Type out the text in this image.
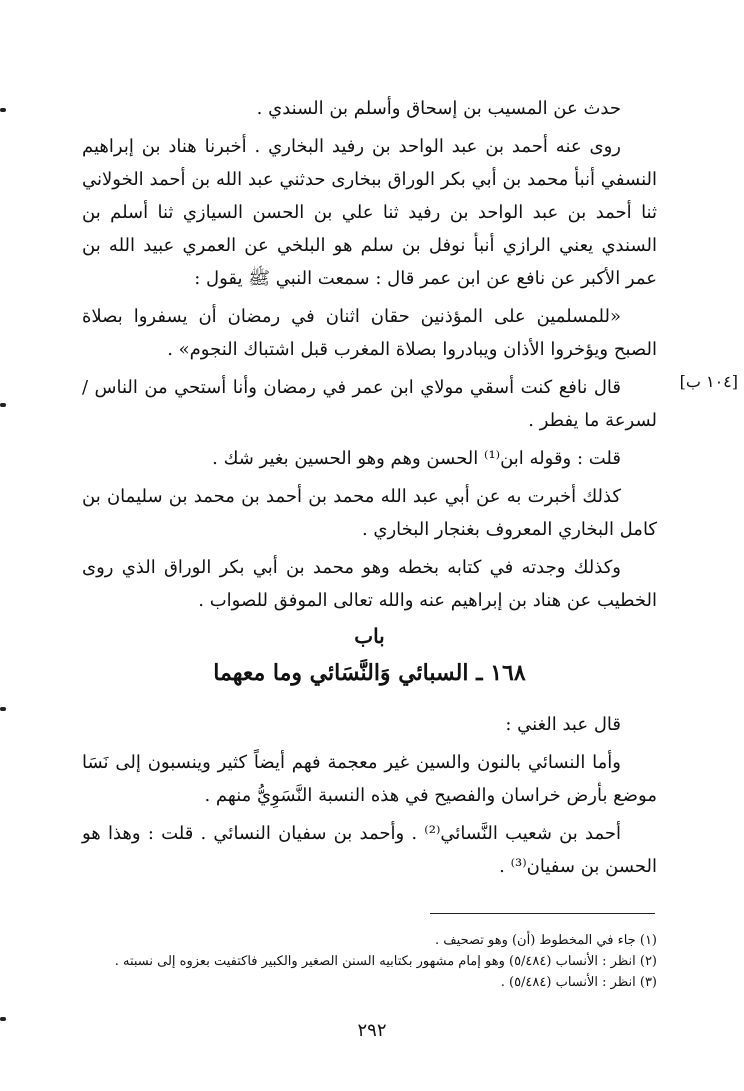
حدث عن المسيب بن إسحاق وأسلم بن السندي .

روى عنه أحمد بن عبد الواحد بن رفيد البخاري . أخبرنا هناد بن إبراهيم النسفي أنبأ محمد بن أبي بكر الوراق ببخارى حدثني عبد الله بن أحمد الخولاني ثنا أحمد بن عبد الواحد بن رفيد ثنا علي بن الحسن السيازي ثنا أسلم بن السندي يعني الرازي أنبأ نوفل بن سلم هو البلخي عن العمري عبيد الله بن عمر الأكبر عن نافع عن ابن عمر قال : سمعت النبي ﷺ يقول :

«للمسلمين على المؤذنين حقان اثنان في رمضان أن يسفروا بصلاة الصبح ويؤخروا الأذان ويبادروا بصلاة المغرب قبل اشتباك النجوم» .

قال نافع كنت أسقي مولاي ابن عمر في رمضان وأنا أستحي من الناس / لسرعة ما يفطر .

قلت : وقوله ابن⁽¹⁾ الحسن وهم وهو الحسين بغير شك .

كذلك أخبرت به عن أبي عبد الله محمد بن أحمد بن محمد بن سليمان بن كامل البخاري المعروف بغنجار البخاري .

وكذلك وجدته في كتابه بخطه وهو محمد بن أبي بكر الوراق الذي روى الخطيب عن هناد بن إبراهيم عنه والله تعالى الموفق للصواب .

[١٠٤ ب]
باب
١٦٨ ـ السبائي وَالنَّسَائي وما معهما

قال عبد الغني :

وأما النسائي بالنون والسين غير معجمة فهم أيضاً كثير وينسبون إلى نَسَا موضع بأرض خراسان والفصيح في هذه النسبة النَّسَوِيُّ منهم .

أحمد بن شعيب النَّسائي⁽²⁾ . وأحمد بن سفيان النسائي . قلت : وهذا هو الحسن بن سفيان⁽³⁾ .

(١) جاء في المخطوط (أن) وهو تصحيف .
(٢) انظر : الأنساب (٥/٤٨٤) وهو إمام مشهور بكتابيه السنن الصغير والكبير فاكتفيت بعزوه إلى نسبته .
(٣) انظر : الأنساب (٥/٤٨٤) .
٢٩٢
